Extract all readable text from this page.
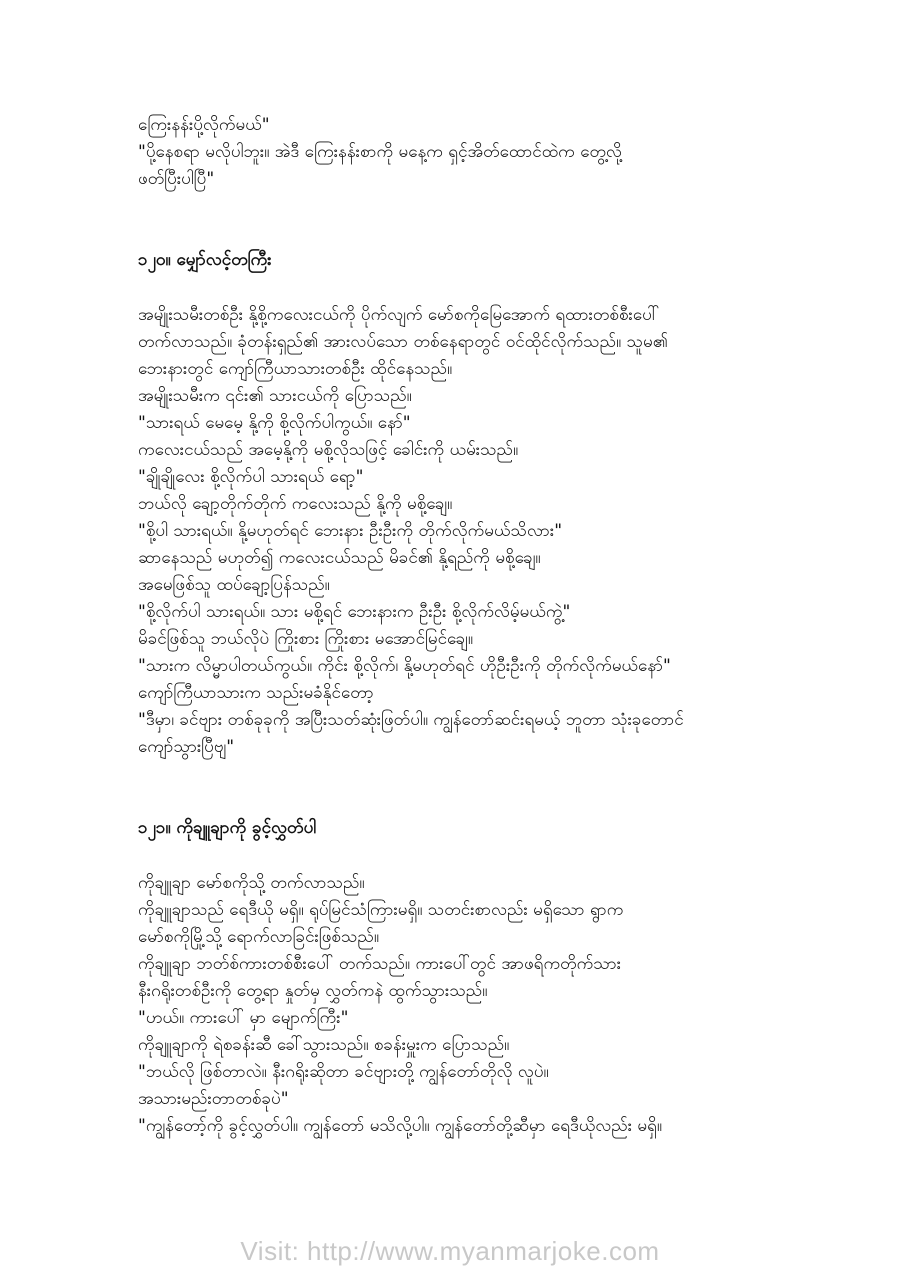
ကြေးနန်းပို့လိုက်မယ်"
"ပို့နေစရာ မလိုပါဘူး။ အဲဒီ ကြေးနန်းစာကို မနေ့က ရှင့်အိတ်ထောင်ထဲက တွေ့လို့
ဖတ်ပြီးပါပြီ"
၁၂၀။ မျှော်လင့်တကြီး
အမျိုးသမီးတစ်ဦး နို့စို့ကလေးငယ်ကို ပိုက်လျက် မော်စကိုမြေအောက် ရထားတစ်စီးပေါ်
တက်လာသည်။ ခုံတန်းရှည်၏ အားလပ်သော တစ်နေရာတွင် ဝင်ထိုင်လိုက်သည်။ သူမ၏
ဘေးနားတွင် ကျော်ကြီယာသားတစ်ဦး ထိုင်နေသည်။
အမျိုးသမီးက ၎င်း၏ သားငယ်ကို ပြောသည်။
"သားရယ် မေမေ့ နို့ကို စို့လိုက်ပါကွယ်။ နော်"
ကလေးငယ်သည် အမေ့နို့ကို မစို့လိုသဖြင့် ခေါင်းကို ယမ်းသည်။
"ချိုချိုလေး စို့လိုက်ပါ သားရယ် ရော့"
ဘယ်လို ချော့တိုက်တိုက် ကလေးသည် နို့ကို မစို့ချေ။
"စို့ပါ သားရယ်။ နို့မဟုတ်ရင် ဘေးနား ဦးဦးကို တိုက်လိုက်မယ်သိလား"
ဆာနေသည် မဟုတ်၍ ကလေးငယ်သည် မိခင်၏ နို့ရည်ကို မစို့ချေ။
အမေဖြစ်သူ ထပ်ချော့ပြန်သည်။
"စို့လိုက်ပါ သားရယ်။ သား မစို့ရင် ဘေးနားက ဦးဦး စို့လိုက်လိမ့်မယ်ကွဲ့"
မိခင်ဖြစ်သူ ဘယ်လိုပဲ ကြိုးစား ကြိုးစား မအောင်မြင်ချေ။
"သားက လိမ္မာပါတယ်ကွယ်။ ကိုင်း စို့လိုက်၊ နို့မဟုတ်ရင် ဟိုဦးဦးကို တိုက်လိုက်မယ်နော်"
ကျော်ကြီယာသားက သည်းမခံနိုင်တော့
"ဒီမှာ၊ ခင်ဗျား တစ်ခုခုကို အပြီးသတ်ဆုံးဖြတ်ပါ။ ကျွန်တော်ဆင်းရမယ့် ဘူတာ သုံးခုတောင်
ကျော်သွားပြီဗျ"
၁၂၁။ ကိုချူချာကို ခွင့်လွှတ်ပါ
ကိုချူချာ မော်စကိုသို့ တက်လာသည်။
ကိုချူချာသည် ရေဒီယို မရှိ။ ရုပ်မြင်သံကြားမရှိ။ သတင်းစာလည်း မရှိသော ရွာက
မော်စကိုမြို့သို့ ရောက်လာခြင်းဖြစ်သည်။
ကိုချူချာ ဘတ်စ်ကားတစ်စီးပေါ် တက်သည်။ ကားပေါ်တွင် အာဖရိကတိုက်သား
နီးဂရိုးတစ်ဦးကို တွေ့ရာ နှုတ်မှ လွှတ်ကနဲ ထွက်သွားသည်။
"ဟယ်။ ကားပေါ် မှာ မျောက်ကြီး"
ကိုချူချာကို ရဲစခန်းဆီ ခေါ်သွားသည်။ စခန်းမှူးက ပြောသည်။
"ဘယ်လို ဖြစ်တာလဲ။ နီးဂရိုးဆိုတာ ခင်ဗျားတို့ ကျွန်တော်တိုလို လူပဲ။
အသားမည်းတာတစ်ခုပဲ"
"ကျွန်တော့်ကို ခွင့်လွှတ်ပါ။ ကျွန်တော် မသိလို့ပါ။ ကျွန်တော်တို့ဆီမှာ ရေဒီယိုလည်း မရှိ။
Visit: http://www.myanmarjoke.com
